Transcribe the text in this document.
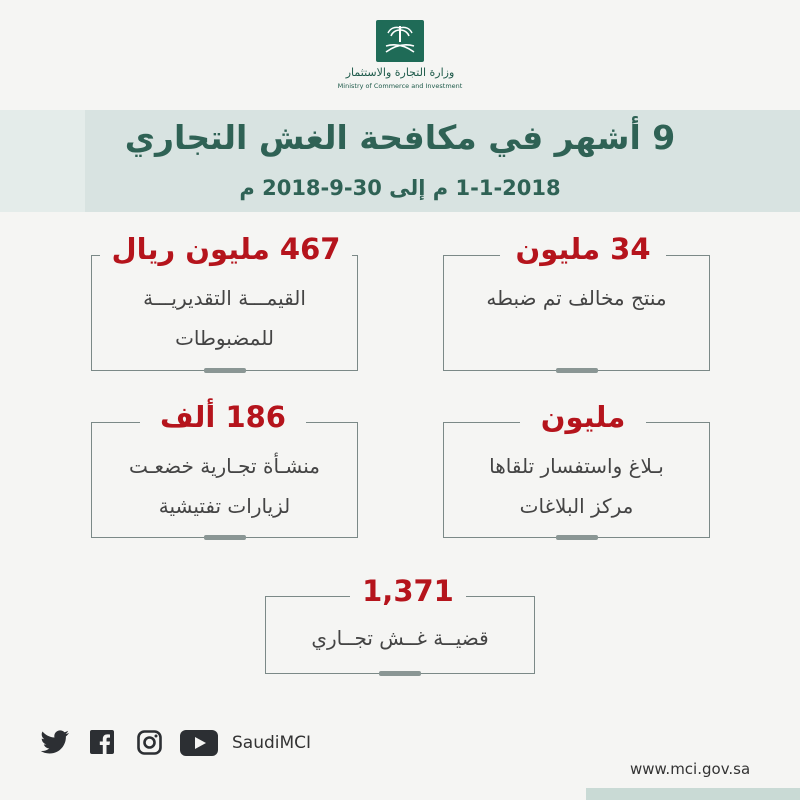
وزارة التجارة والاستثمار
Ministry of Commerce and Investment
9 أشهر في مكافحة الغش التجاري
1-1-2018 م إلى 30-9-2018 م
467 مليون ريال
القيمـــة التقديريـــة
للمضبوطات
34 مليون
منتج مخالف تم ضبطه
186 ألف
منشـأة تجـارية خضعـت
لزيارات تفتيشية
مليون
بـلاغ واستفسار تلقاها
مركز البلاغات
1,371
قضيــة غــش تجــاري
SaudiMCI
www.mci.gov.sa
